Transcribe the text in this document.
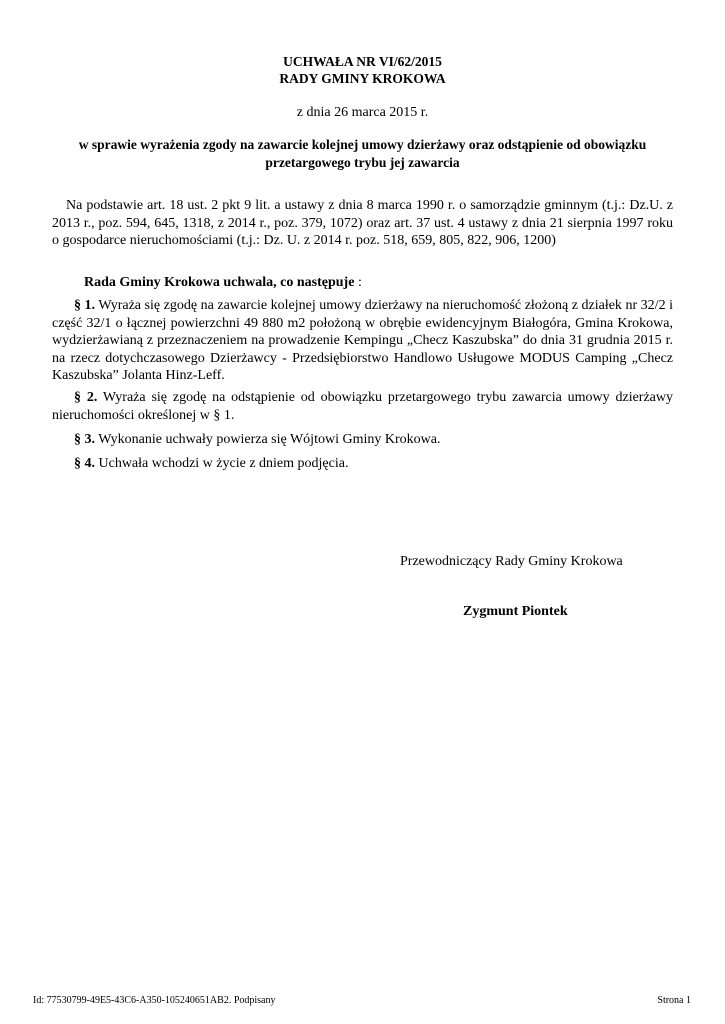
UCHWAŁA NR VI/62/2015
RADY GMINY KROKOWA
z dnia 26 marca 2015 r.
w sprawie wyrażenia zgody na zawarcie kolejnej umowy dzierżawy oraz odstąpienie od obowiązku przetargowego trybu jej zawarcia

Na podstawie art. 18 ust. 2 pkt 9 lit. a ustawy z dnia 8 marca 1990 r. o samorządzie gminnym (t.j.: Dz.U. z 2013 r., poz. 594, 645, 1318, z 2014 r., poz. 379, 1072) oraz art. 37 ust. 4 ustawy z dnia 21 sierpnia 1997 roku o gospodarce nieruchomościami (t.j.: Dz. U. z 2014 r. poz. 518, 659, 805, 822, 906, 1200)

Rada Gminy Krokowa uchwala, co następuje :

§ 1. Wyraża się zgodę na zawarcie kolejnej umowy dzierżawy na nieruchomość złożoną z działek nr 32/2 i część 32/1 o łącznej powierzchni 49 880 m2 położoną w obrębie ewidencyjnym Białogóra, Gmina Krokowa, wydzierżawianą z przeznaczeniem na prowadzenie Kempingu „Checz Kaszubska” do dnia 31 grudnia 2015 r. na rzecz dotychczasowego Dzierżawcy - Przedsiębiorstwo Handlowo Usługowe MODUS Camping „Checz Kaszubska” Jolanta Hinz-Leff.

§ 2. Wyraża się zgodę na odstąpienie od obowiązku przetargowego trybu zawarcia umowy dzierżawy nieruchomości określonej w § 1.

§ 3. Wykonanie uchwały powierza się Wójtowi Gminy Krokowa.

§ 4. Uchwała wchodzi w życie z dniem podjęcia.

Przewodniczący Rady Gminy Krokowa
Zygmunt Piontek
Id: 77530799-49E5-43C6-A350-105240651AB2. Podpisany	Strona 1
